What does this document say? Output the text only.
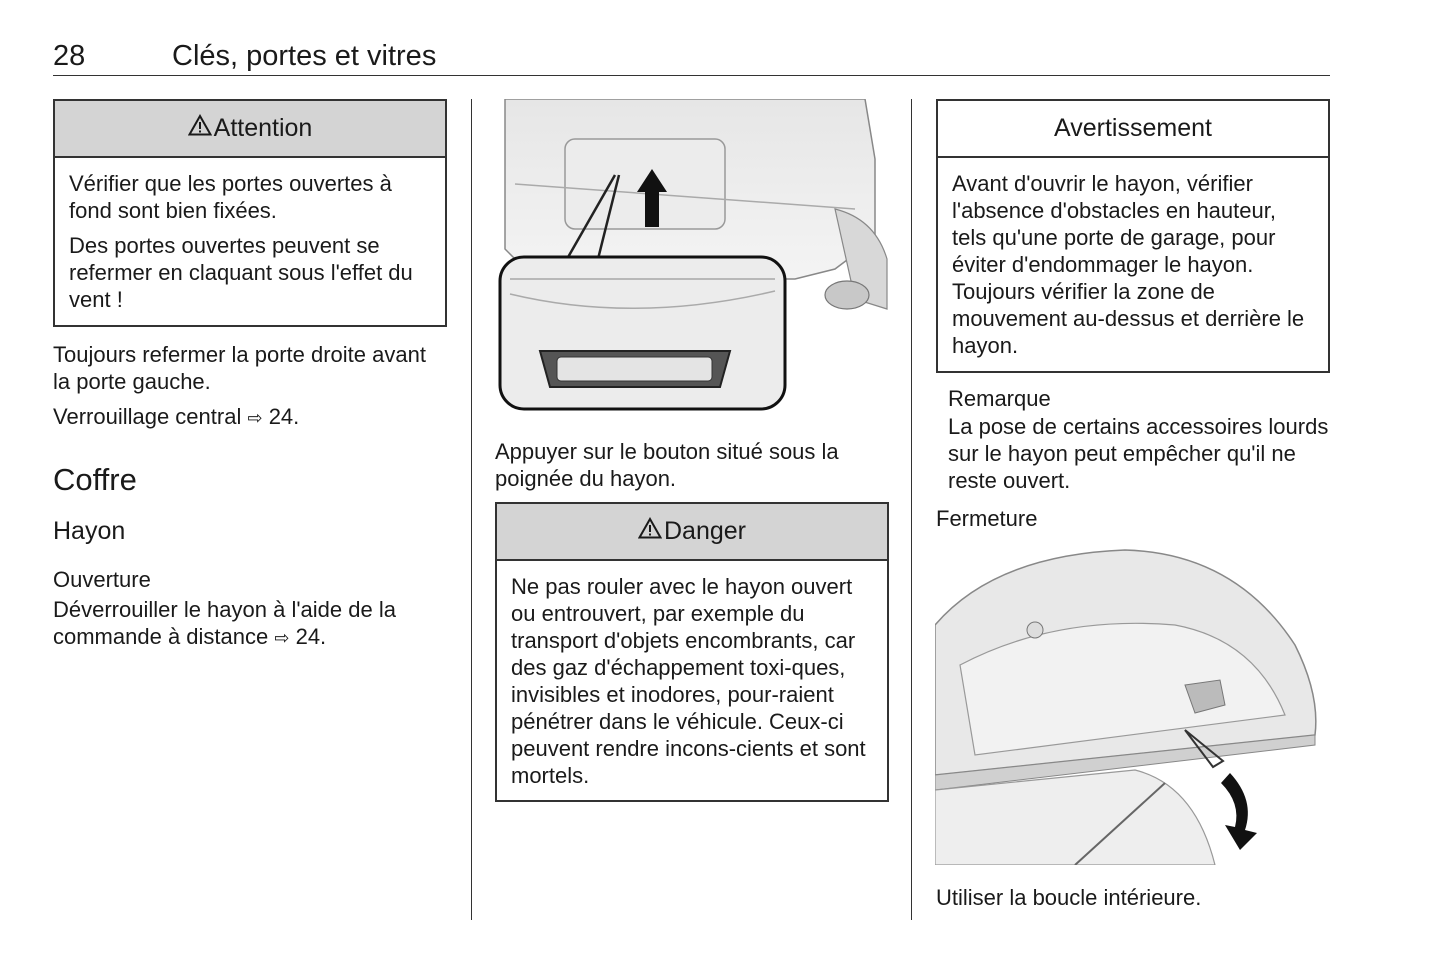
28	Clés, portes et vitres
Attention

Vérifier que les portes ouvertes à fond sont bien fixées.

Des portes ouvertes peuvent se refermer en claquant sous l'effet du vent !

Toujours refermer la porte droite avant la porte gauche.

Verrouillage central ⇨ 24.

Coffre
Hayon
Ouverture
Déverrouiller le hayon à l'aide de la commande à distance ⇨ 24.
Appuyer sur le bouton situé sous la poignée du hayon.
Danger

Ne pas rouler avec le hayon ouvert ou entrouvert, par exemple du transport d'objets encombrants, car des gaz d'échappement toxi-ques, invisibles et inodores, pour-raient pénétrer dans le véhicule. Ceux-ci peuvent rendre incons-cients et sont mortels.

Avertissement

Avant d'ouvrir le hayon, vérifier l'absence d'obstacles en hauteur, tels qu'une porte de garage, pour éviter d'endommager le hayon. Toujours vérifier la zone de mouvement au-dessus et derrière le hayon.

Remarque
La pose de certains accessoires lourds sur le hayon peut empêcher qu'il ne reste ouvert.
Fermeture
Utiliser la boucle intérieure.
